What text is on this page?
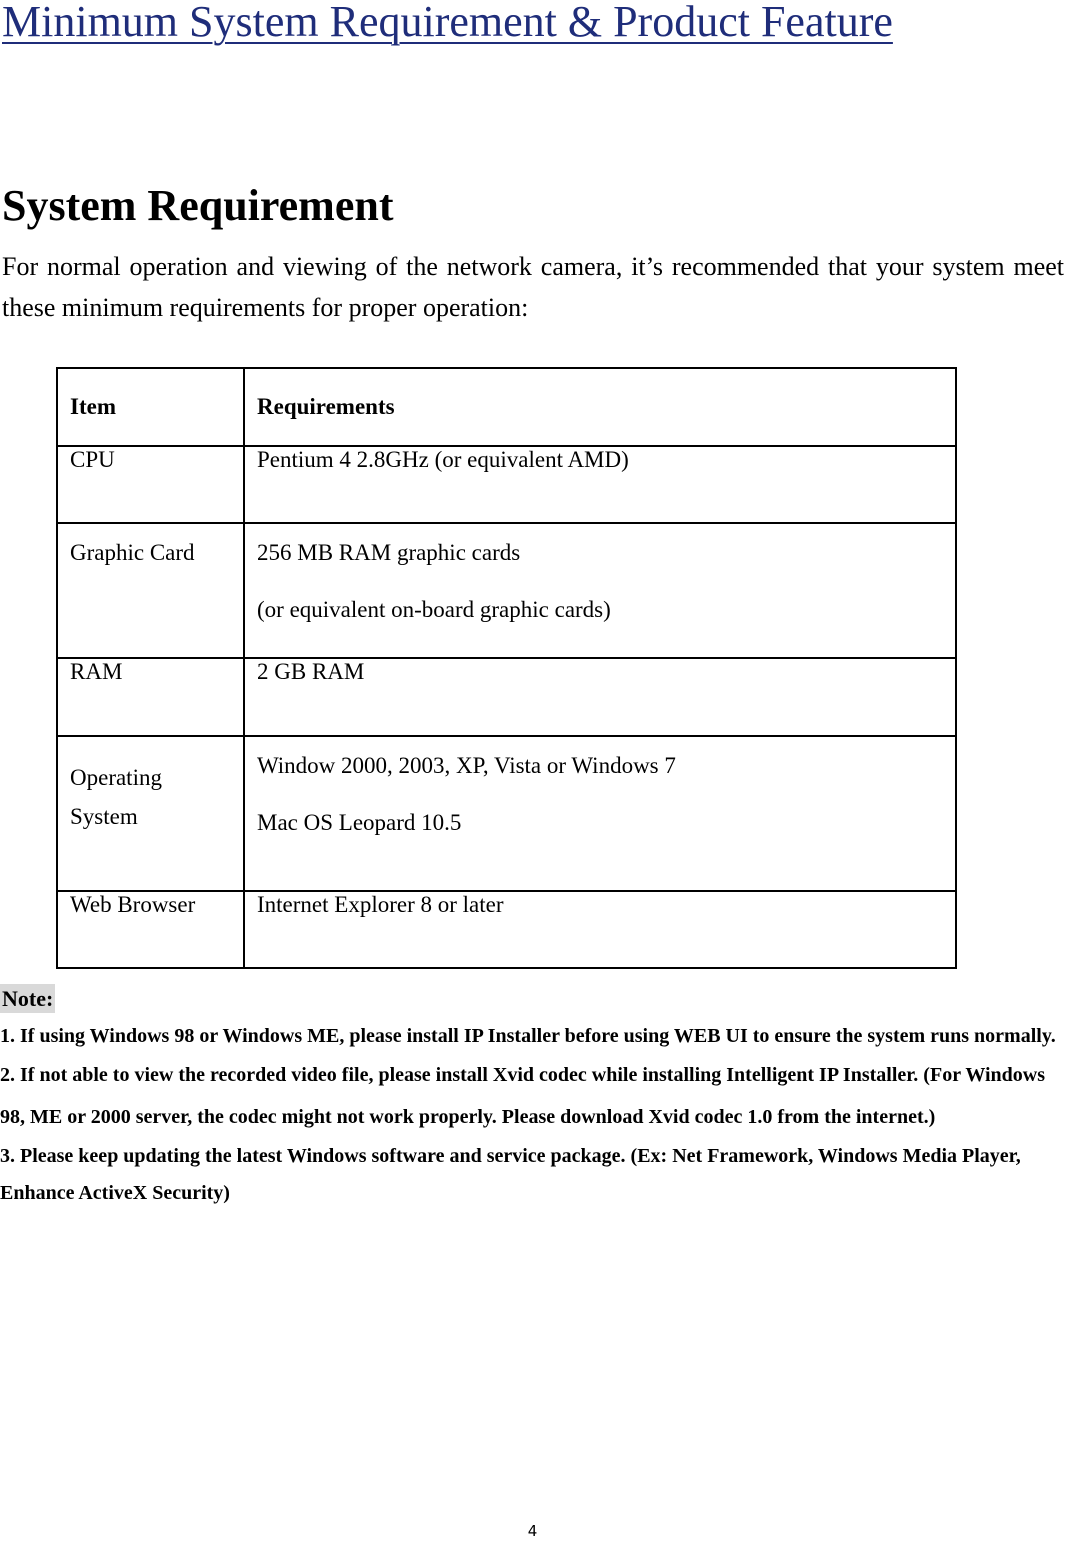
Minimum System Requirement & Product Feature
System Requirement

For normal operation and viewing of the network camera, it’s recommended that your system meet these minimum requirements for proper operation:

Item	Requirements
CPU	Pentium 4 2.8GHz (or equivalent AMD)

Graphic Card	256 MB RAM graphic cards
(or equivalent on-board graphic cards)

RAM	2 GB RAM

Operating
System	Window 2000, 2003, XP, Vista or Windows 7
Mac OS Leopard 10.5

Web Browser	Internet Explorer 8 or later
Note:

1. If using Windows 98 or Windows ME, please install IP Installer before using WEB UI to ensure the system runs normally.

2. If not able to view the recorded video file, please install Xvid codec while installing Intelligent IP Installer. (For Windows 98, ME or 2000 server, the codec might not work properly. Please download Xvid codec 1.0 from the internet.)

3. Please keep updating the latest Windows software and service package. (Ex: Net Framework, Windows Media Player, Enhance ActiveX Security)

4
